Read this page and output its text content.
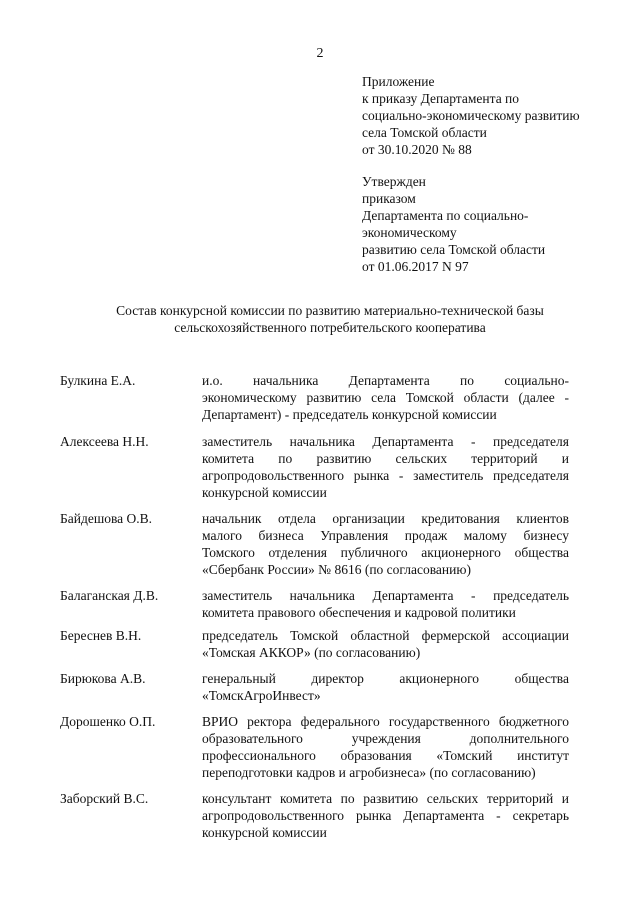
2
Приложение
к приказу Департамента по
социально-экономическому развитию
села Томской области
от 30.10.2020 № 88
Утвержден
приказом
Департамента по социально-
экономическому
развитию села Томской области
от 01.06.2017 N 97
Состав конкурсной комиссии по развитию материально-технической базы
сельскохозяйственного потребительского кооператива
Булкина Е.А.	и.о. начальника Департамента по социально-
экономическому развитию села Томской области (далее -
Департамент) - председатель конкурсной комиссии
Алексеева Н.Н.	заместитель начальника Департамента - председателя
комитета по развитию сельских территорий и
агропродовольственного рынка - заместитель председателя
конкурсной комиссии
Байдешова О.В.	начальник отдела организации кредитования клиентов
малого бизнеса Управления продаж малому бизнесу
Томского отделения публичного акционерного общества
«Сбербанк России» № 8616 (по согласованию)
Балаганская Д.В.	заместитель начальника Департамента - председатель
комитета правового обеспечения и кадровой политики
Береснев В.Н.	председатель Томской областной фермерской ассоциации
«Томская АККОР» (по согласованию)
Бирюкова А.В.	генеральный директор акционерного общества
«ТомскАгроИнвест»
Дорошенко О.П.	ВРИО ректора федерального государственного бюджетного
образовательного учреждения дополнительного
профессионального образования «Томский институт
переподготовки кадров и агробизнеса» (по согласованию)
Заборский В.С.	консультант комитета по развитию сельских территорий и
агропродовольственного рынка Департамента - секретарь
конкурсной комиссии
